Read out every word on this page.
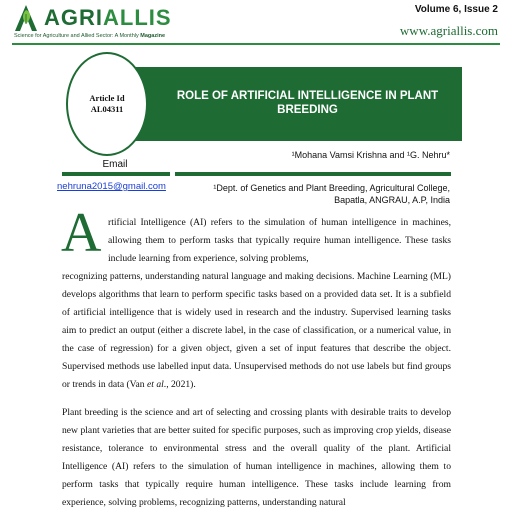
AGRIALLIS
Science for Agriculture and Allied Sector: A Monthly Magazine
Volume 6, Issue 2
www.agriallis.com
Article Id
AL04311
ROLE OF ARTIFICIAL INTELLIGENCE IN PLANT BREEDING
¹Mohana Vamsi Krishna and ¹G. Nehru*
Email
nehruna2015@gmail.com	¹Dept. of Genetics and Plant Breeding, Agricultural College, Bapatla, ANGRAU, A.P, India
A rtificial Intelligence (AI) refers to the simulation of human intelligence in machines, allowing them to perform tasks that typically require human intelligence. These tasks include learning from experience, solving problems,

recognizing patterns, understanding natural language and making decisions. Machine Learning (ML) develops algorithms that learn to perform specific tasks based on a provided data set. It is a subfield of artificial intelligence that is widely used in research and the industry. Supervised learning tasks aim to predict an output (either a discrete label, in the case of classification, or a numerical value, in the case of regression) for a given object, given a set of input features that describe the object. Supervised methods use labelled input data. Unsupervised methods do not use labels but find groups or trends in data (Van et al., 2021).

Plant breeding is the science and art of selecting and crossing plants with desirable traits to develop new plant varieties that are better suited for specific purposes, such as improving crop yields, disease resistance, tolerance to environmental stress and the overall quality of the plant. Artificial Intelligence (AI) refers to the simulation of human intelligence in machines, allowing them to perform tasks that typically require human intelligence. These tasks include learning from experience, solving problems, recognizing patterns, understanding natural
